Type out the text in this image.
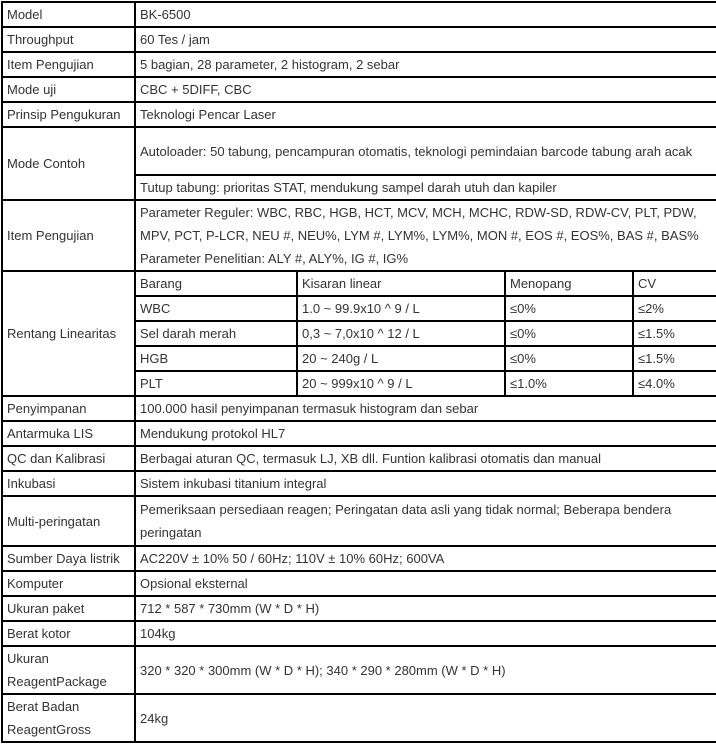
Model	BK-6500			
Throughput	60 Tes / jam			
Item Pengujian	5 bagian, 28 parameter, 2 histogram, 2 sebar			
Mode uji	CBC + 5DIFF, CBC			
Prinsip Pengukuran	Teknologi Pencar Laser			
Mode Contoh	Autoloader: 50 tabung, pencampuran otomatis, teknologi pemindaian barcode tabung arah acak			
	Tutup tabung: prioritas STAT, mendukung sampel darah utuh dan kapiler			
Item Pengujian	Parameter Reguler: WBC, RBC, HGB, HCT, MCV, MCH, MCHC, RDW-SD, RDW-CV, PLT, PDW, MPV, PCT, P-LCR, NEU #, NEU%, LYM #, LYM%, LYM%, MON #, EOS #, EOS%, BAS #, BAS%
Parameter Penelitian: ALY #, ALY%, IG #, IG%			

Rentang Linearitas	Barang	Kisaran linear	Menopang	CV
	WBC	1.0 ~ 99.9x10 ^ 9 / L	≤0%	≤2%
	Sel darah merah	0,3 ~ 7,0x10 ^ 12 / L	≤0%	≤1.5%
	HGB	20 ~ 240g / L	≤0%	≤1.5%
	PLT	20 ~ 999x10 ^ 9 / L	≤1.0%	≤4.0%
Penyimpanan	100.000 hasil penyimpanan termasuk histogram dan sebar			
Antarmuka LIS	Mendukung protokol HL7			
QC dan Kalibrasi	Berbagai aturan QC, termasuk LJ, XB dll. Funtion kalibrasi otomatis dan manual			
Inkubasi	Sistem inkubasi titanium integral			
Multi-peringatan	Pemeriksaan persediaan reagen; Peringatan data asli yang tidak normal; Beberapa bendera peringatan			
Sumber Daya listrik	AC220V ± 10% 50 / 60Hz; 110V ± 10% 60Hz; 600VA			
Komputer	Opsional eksternal			
Ukuran paket	712 * 587 * 730mm (W * D * H)			
Berat kotor	104kg			
Ukuran ReagentPackage	320 * 320 * 300mm (W * D * H); 340 * 290 * 280mm (W * D * H)			
Berat Badan ReagentGross	24kg			
